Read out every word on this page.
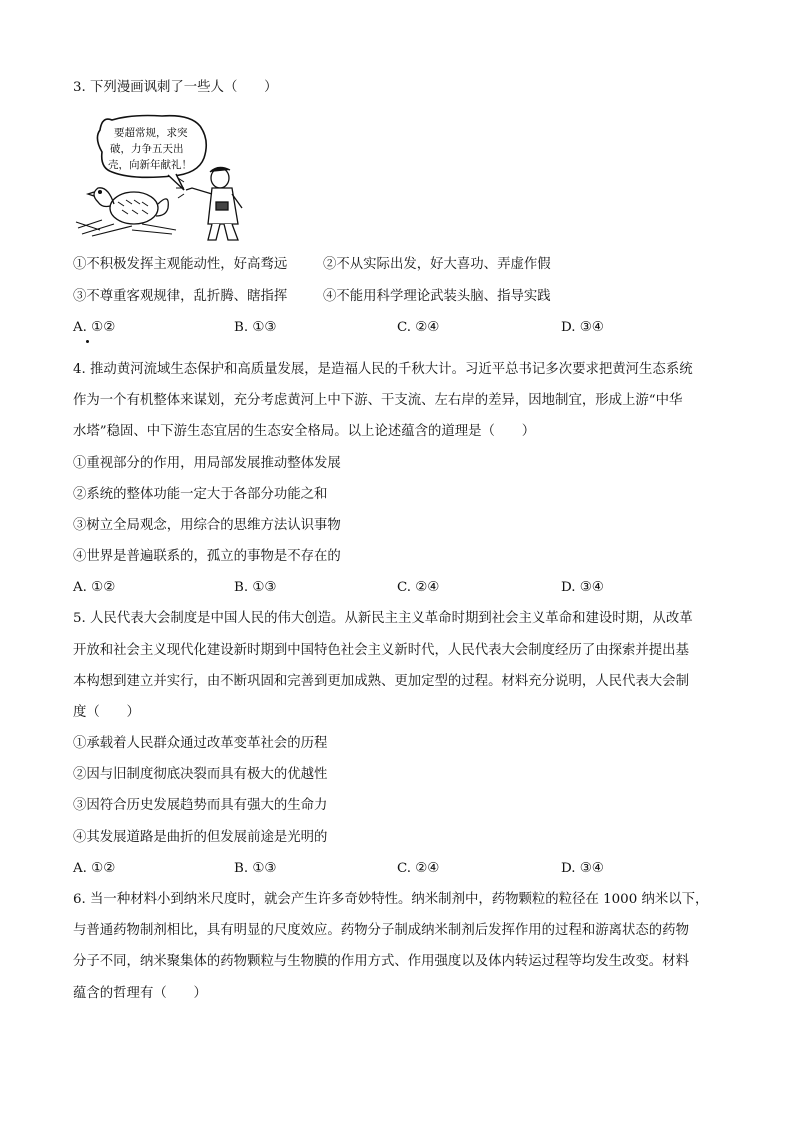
3. 下列漫画讽刺了一些人（　　）
要超常规，求突
破，力争五天出
壳，向新年献礼！
①不积极发挥主观能动性，好高骛远	②不从实际出发，好大喜功、弄虚作假
③不尊重客观规律，乱折腾、瞎指挥	④不能用科学理论武装头脑、指导实践
A. ①②	B. ①③	C. ②④	D. ③④
4. 推动黄河流域生态保护和高质量发展，是造福人民的千秋大计。习近平总书记多次要求把黄河生态系统
作为一个有机整体来谋划，充分考虑黄河上中下游、干支流、左右岸的差异，因地制宜，形成上游“中华
水塔”稳固、中下游生态宜居的生态安全格局。以上论述蕴含的道理是（　　）
①重视部分的作用，用局部发展推动整体发展
②系统的整体功能一定大于各部分功能之和
③树立全局观念，用综合的思维方法认识事物
④世界是普遍联系的，孤立的事物是不存在的
A. ①②	B. ①③	C. ②④	D. ③④
5. 人民代表大会制度是中国人民的伟大创造。从新民主主义革命时期到社会主义革命和建设时期，从改革
开放和社会主义现代化建设新时期到中国特色社会主义新时代，人民代表大会制度经历了由探索并提出基
本构想到建立并实行，由不断巩固和完善到更加成熟、更加定型的过程。材料充分说明，人民代表大会制
度（　　）
①承载着人民群众通过改革变革社会的历程
②因与旧制度彻底决裂而具有极大的优越性
③因符合历史发展趋势而具有强大的生命力
④其发展道路是曲折的但发展前途是光明的
A. ①②	B. ①③	C. ②④	D. ③④
6. 当一种材料小到纳米尺度时，就会产生许多奇妙特性。纳米制剂中，药物颗粒的粒径在 1000 纳米以下，
与普通药物制剂相比，具有明显的尺度效应。药物分子制成纳米制剂后发挥作用的过程和游离状态的药物
分子不同，纳米聚集体的药物颗粒与生物膜的作用方式、作用强度以及体内转运过程等均发生改变。材料
蕴含的哲理有（　　）
